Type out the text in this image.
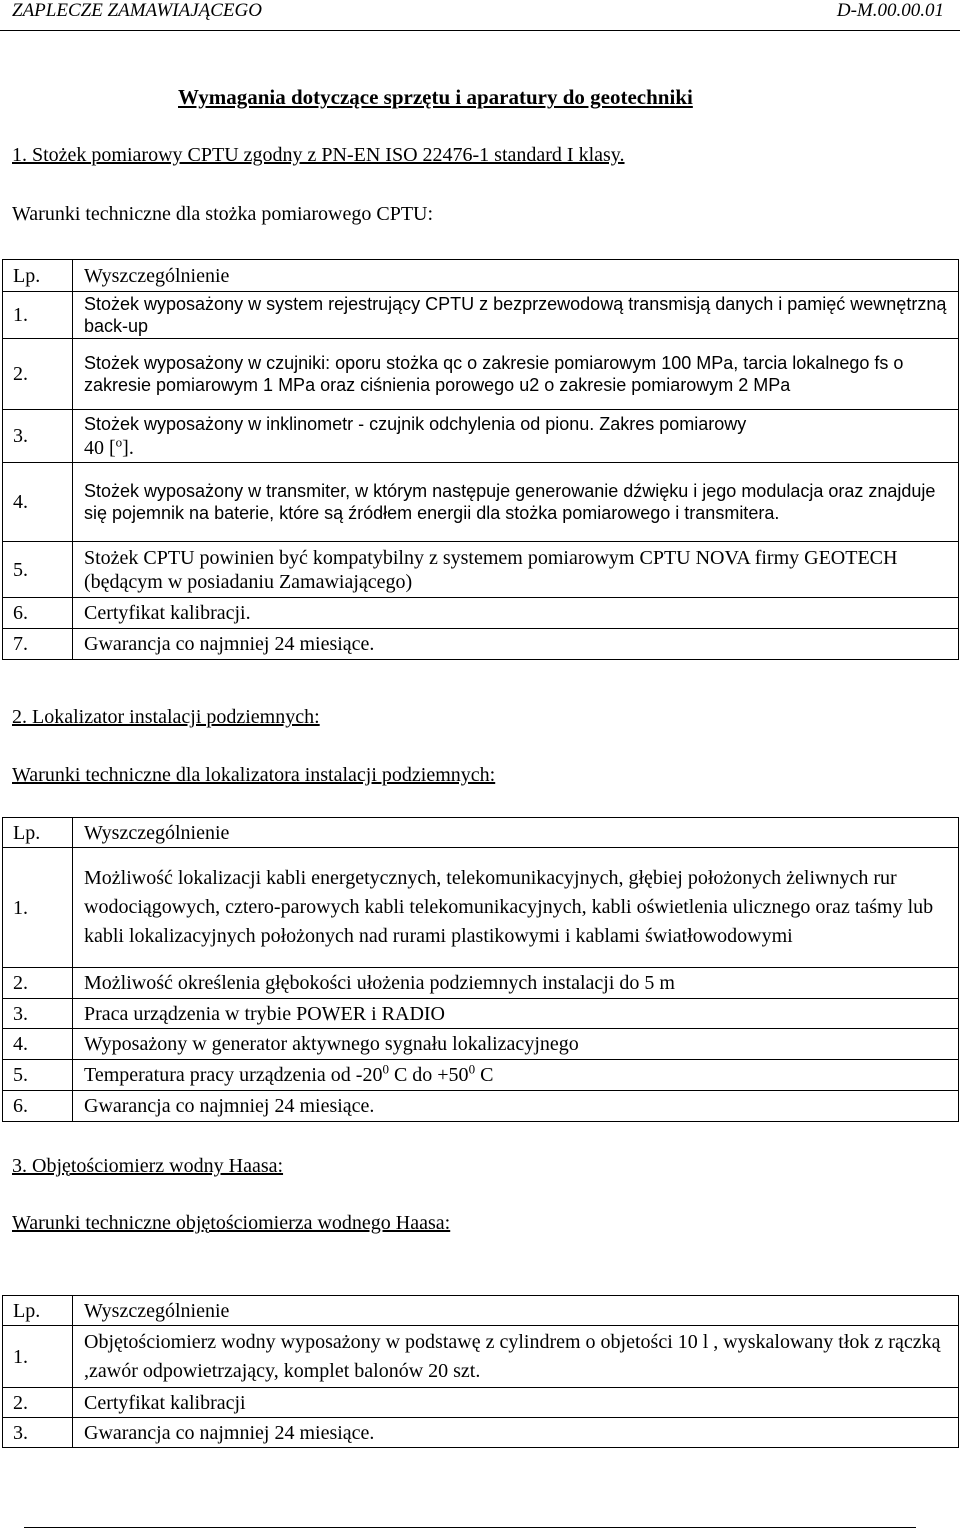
ZAPLECZE ZAMAWIAJĄCEGO	D-M.00.00.01
Wymagania dotyczące sprzętu i aparatury do geotechniki
1. Stożek pomiarowy CPTU zgodny z PN-EN ISO 22476-1 standard I klasy.
Warunki techniczne dla stożka pomiarowego CPTU:
Lp.	Wyszczególnienie
1.	Stożek wyposażony w system rejestrujący CPTU z bezprzewodową transmisją danych i pamięć wewnętrzną back-up
2.	Stożek wyposażony w czujniki: oporu stożka qc o zakresie pomiarowym 100 MPa, tarcia lokalnego fs o zakresie pomiarowym 1 MPa oraz ciśnienia porowego u2 o zakresie pomiarowym 2 MPa
3.	Stożek wyposażony w inklinometr - czujnik odchylenia od pionu. Zakres pomiarowy
40 [$^o$].
4.	Stożek wyposażony w transmiter, w którym następuje generowanie dźwięku i jego modulacja oraz znajduje się pojemnik na baterie, które są źródłem energii dla stożka pomiarowego i transmitera.
5.	Stożek CPTU powinien być kompatybilny z systemem pomiarowym CPTU NOVA firmy GEOTECH (będącym w posiadaniu Zamawiającego)
6.	Certyfikat kalibracji.
7.	Gwarancja co najmniej 24 miesiące.
2. Lokalizator instalacji podziemnych:
Warunki techniczne dla lokalizatora instalacji podziemnych:
Lp.	Wyszczególnienie
1.	Możliwość lokalizacji kabli energetycznych, telekomunikacyjnych, głębiej położonych żeliwnych rur wodociągowych, cztero-parowych kabli telekomunikacyjnych, kabli oświetlenia ulicznego oraz taśmy lub kabli lokalizacyjnych położonych nad rurami plastikowymi i kablami światłowodowymi
2.	Możliwość określenia głębokości ułożenia podziemnych instalacji do 5 m
3.	Praca urządzenia w trybie POWER i RADIO
4.	Wyposażony w generator aktywnego sygnału lokalizacyjnego
5.	Temperatura pracy urządzenia od $-20^0$ C do $+50^0$ C
6.	Gwarancja co najmniej 24 miesiące.
3. Objętościomierz wodny Haasa:
Warunki techniczne objętościomierza wodnego Haasa:
Lp.	Wyszczególnienie
1.	Objętościomierz wodny wyposażony w podstawę z cylindrem o objetości 10 l , wyskalowany tłok z rączką ,zawór odpowietrzający, komplet balonów 20 szt.
2.	Certyfikat kalibracji
3.	Gwarancja co najmniej 24 miesiące.
